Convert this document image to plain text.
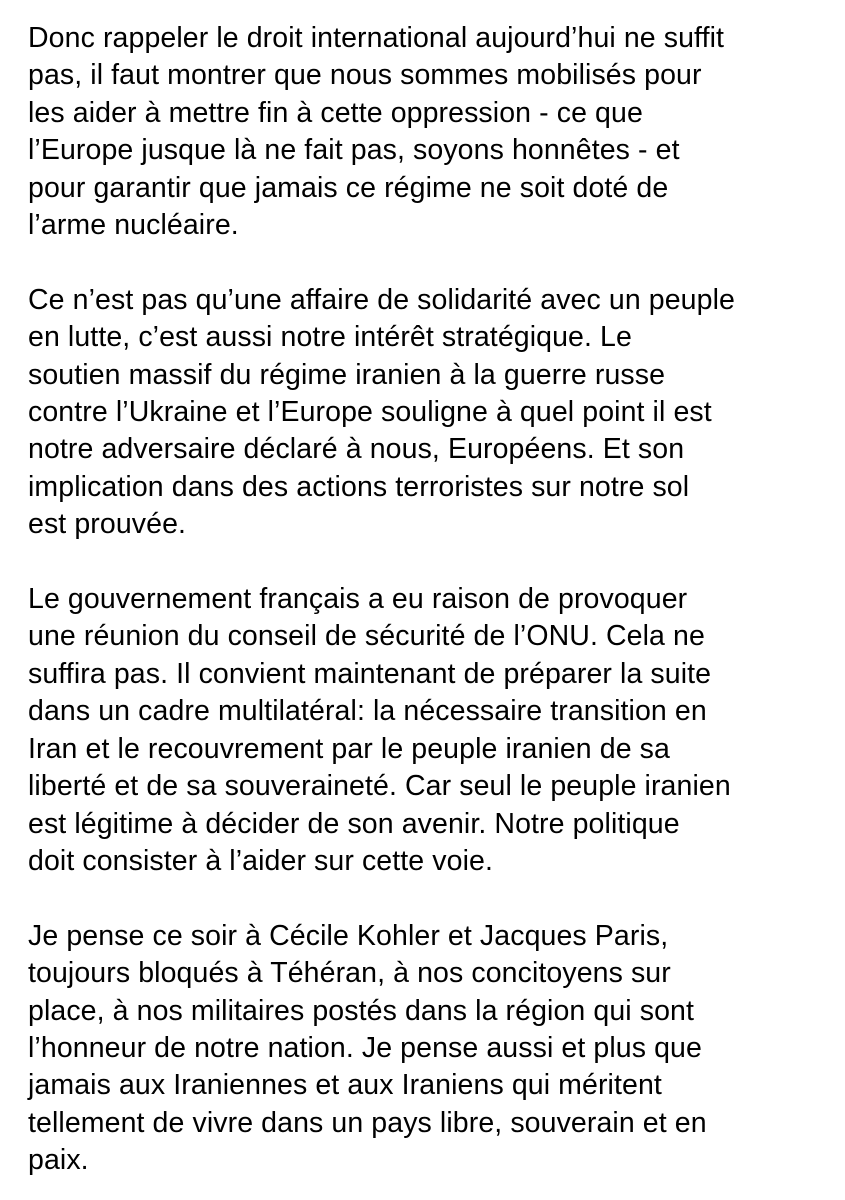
Donc rappeler le droit international aujourd’hui ne suffit
pas, il faut montrer que nous sommes mobilisés pour
les aider à mettre fin à cette oppression - ce que
l’Europe jusque là ne fait pas, soyons honnêtes - et
pour garantir que jamais ce régime ne soit doté de
l’arme nucléaire.

Ce n’est pas qu’une affaire de solidarité avec un peuple
en lutte, c’est aussi notre intérêt stratégique. Le
soutien massif du régime iranien à la guerre russe
contre l’Ukraine et l’Europe souligne à quel point il est
notre adversaire déclaré à nous, Européens. Et son
implication dans des actions terroristes sur notre sol
est prouvée.

Le gouvernement français a eu raison de provoquer
une réunion du conseil de sécurité de l’ONU. Cela ne
suffira pas. Il convient maintenant de préparer la suite
dans un cadre multilatéral: la nécessaire transition en
Iran et le recouvrement par le peuple iranien de sa
liberté et de sa souveraineté. Car seul le peuple iranien
est légitime à décider de son avenir. Notre politique
doit consister à l’aider sur cette voie.

Je pense ce soir à Cécile Kohler et Jacques Paris,
toujours bloqués à Téhéran, à nos concitoyens sur
place, à nos militaires postés dans la région qui sont
l’honneur de notre nation. Je pense aussi et plus que
jamais aux Iraniennes et aux Iraniens qui méritent
tellement de vivre dans un pays libre, souverain et en
paix.
